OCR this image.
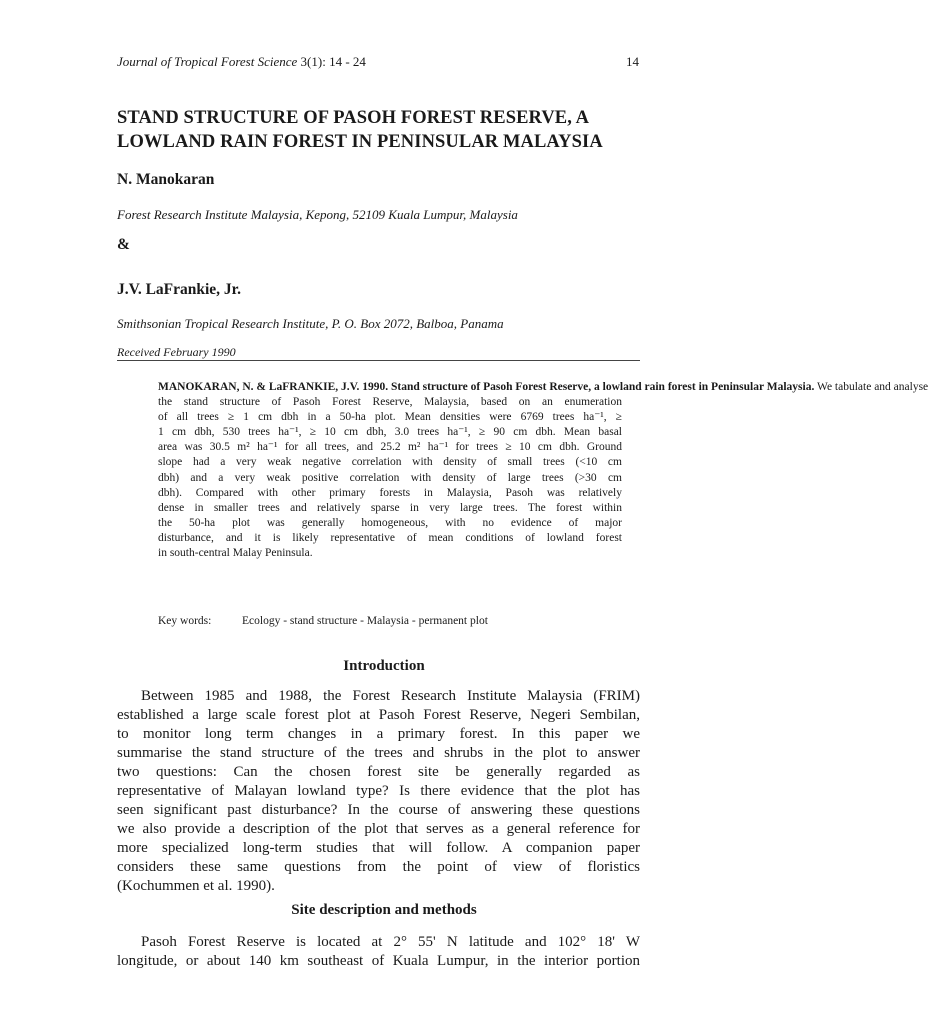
Journal of Tropical Forest Science 3(1): 14 - 24	14
STAND STRUCTURE OF PASOH FOREST RESERVE, A
LOWLAND RAIN FOREST IN PENINSULAR MALAYSIA
N. Manokaran
Forest Research Institute Malaysia, Kepong, 52109 Kuala Lumpur, Malaysia
&
J.V. LaFrankie, Jr.
Smithsonian Tropical Research Institute, P. O. Box 2072, Balboa, Panama
Received February 1990
MANOKARAN, N. & LaFRANKIE, J.V. 1990. Stand structure of Pasoh Forest Reserve, a lowland rain forest in Peninsular Malaysia. We tabulate and analyse
the stand structure of Pasoh Forest Reserve, Malaysia, based on an enumeration
of all trees ≥ 1 cm dbh in a 50-ha plot. Mean densities were 6769 trees ha⁻¹, ≥
1 cm dbh, 530 trees ha⁻¹, ≥ 10 cm dbh, 3.0 trees ha⁻¹, ≥ 90 cm dbh. Mean basal
area was 30.5 m² ha⁻¹ for all trees, and 25.2 m² ha⁻¹ for trees ≥ 10 cm dbh. Ground
slope had a very weak negative correlation with density of small trees (<10 cm
dbh) and a very weak positive correlation with density of large trees (>30 cm
dbh). Compared with other primary forests in Malaysia, Pasoh was relatively
dense in smaller trees and relatively sparse in very large trees. The forest within
the 50-ha plot was generally homogeneous, with no evidence of major
disturbance, and it is likely representative of mean conditions of lowland forest
in south-central Malay Peninsula.
Key words:	Ecology - stand structure - Malaysia - permanent plot
Introduction
Between 1985 and 1988, the Forest Research Institute Malaysia (FRIM)
established a large scale forest plot at Pasoh Forest Reserve, Negeri Sembilan,
to monitor long term changes in a primary forest. In this paper we
summarise the stand structure of the trees and shrubs in the plot to answer
two questions: Can the chosen forest site be generally regarded as
representative of Malayan lowland type? Is there evidence that the plot has
seen significant past disturbance? In the course of answering these questions
we also provide a description of the plot that serves as a general reference for
more specialized long-term studies that will follow. A companion paper
considers these same questions from the point of view of floristics
(Kochummen et al. 1990).
Site description and methods
Pasoh Forest Reserve is located at 2° 55' N latitude and 102° 18' W
longitude, or about 140 km southeast of Kuala Lumpur, in the interior portion
